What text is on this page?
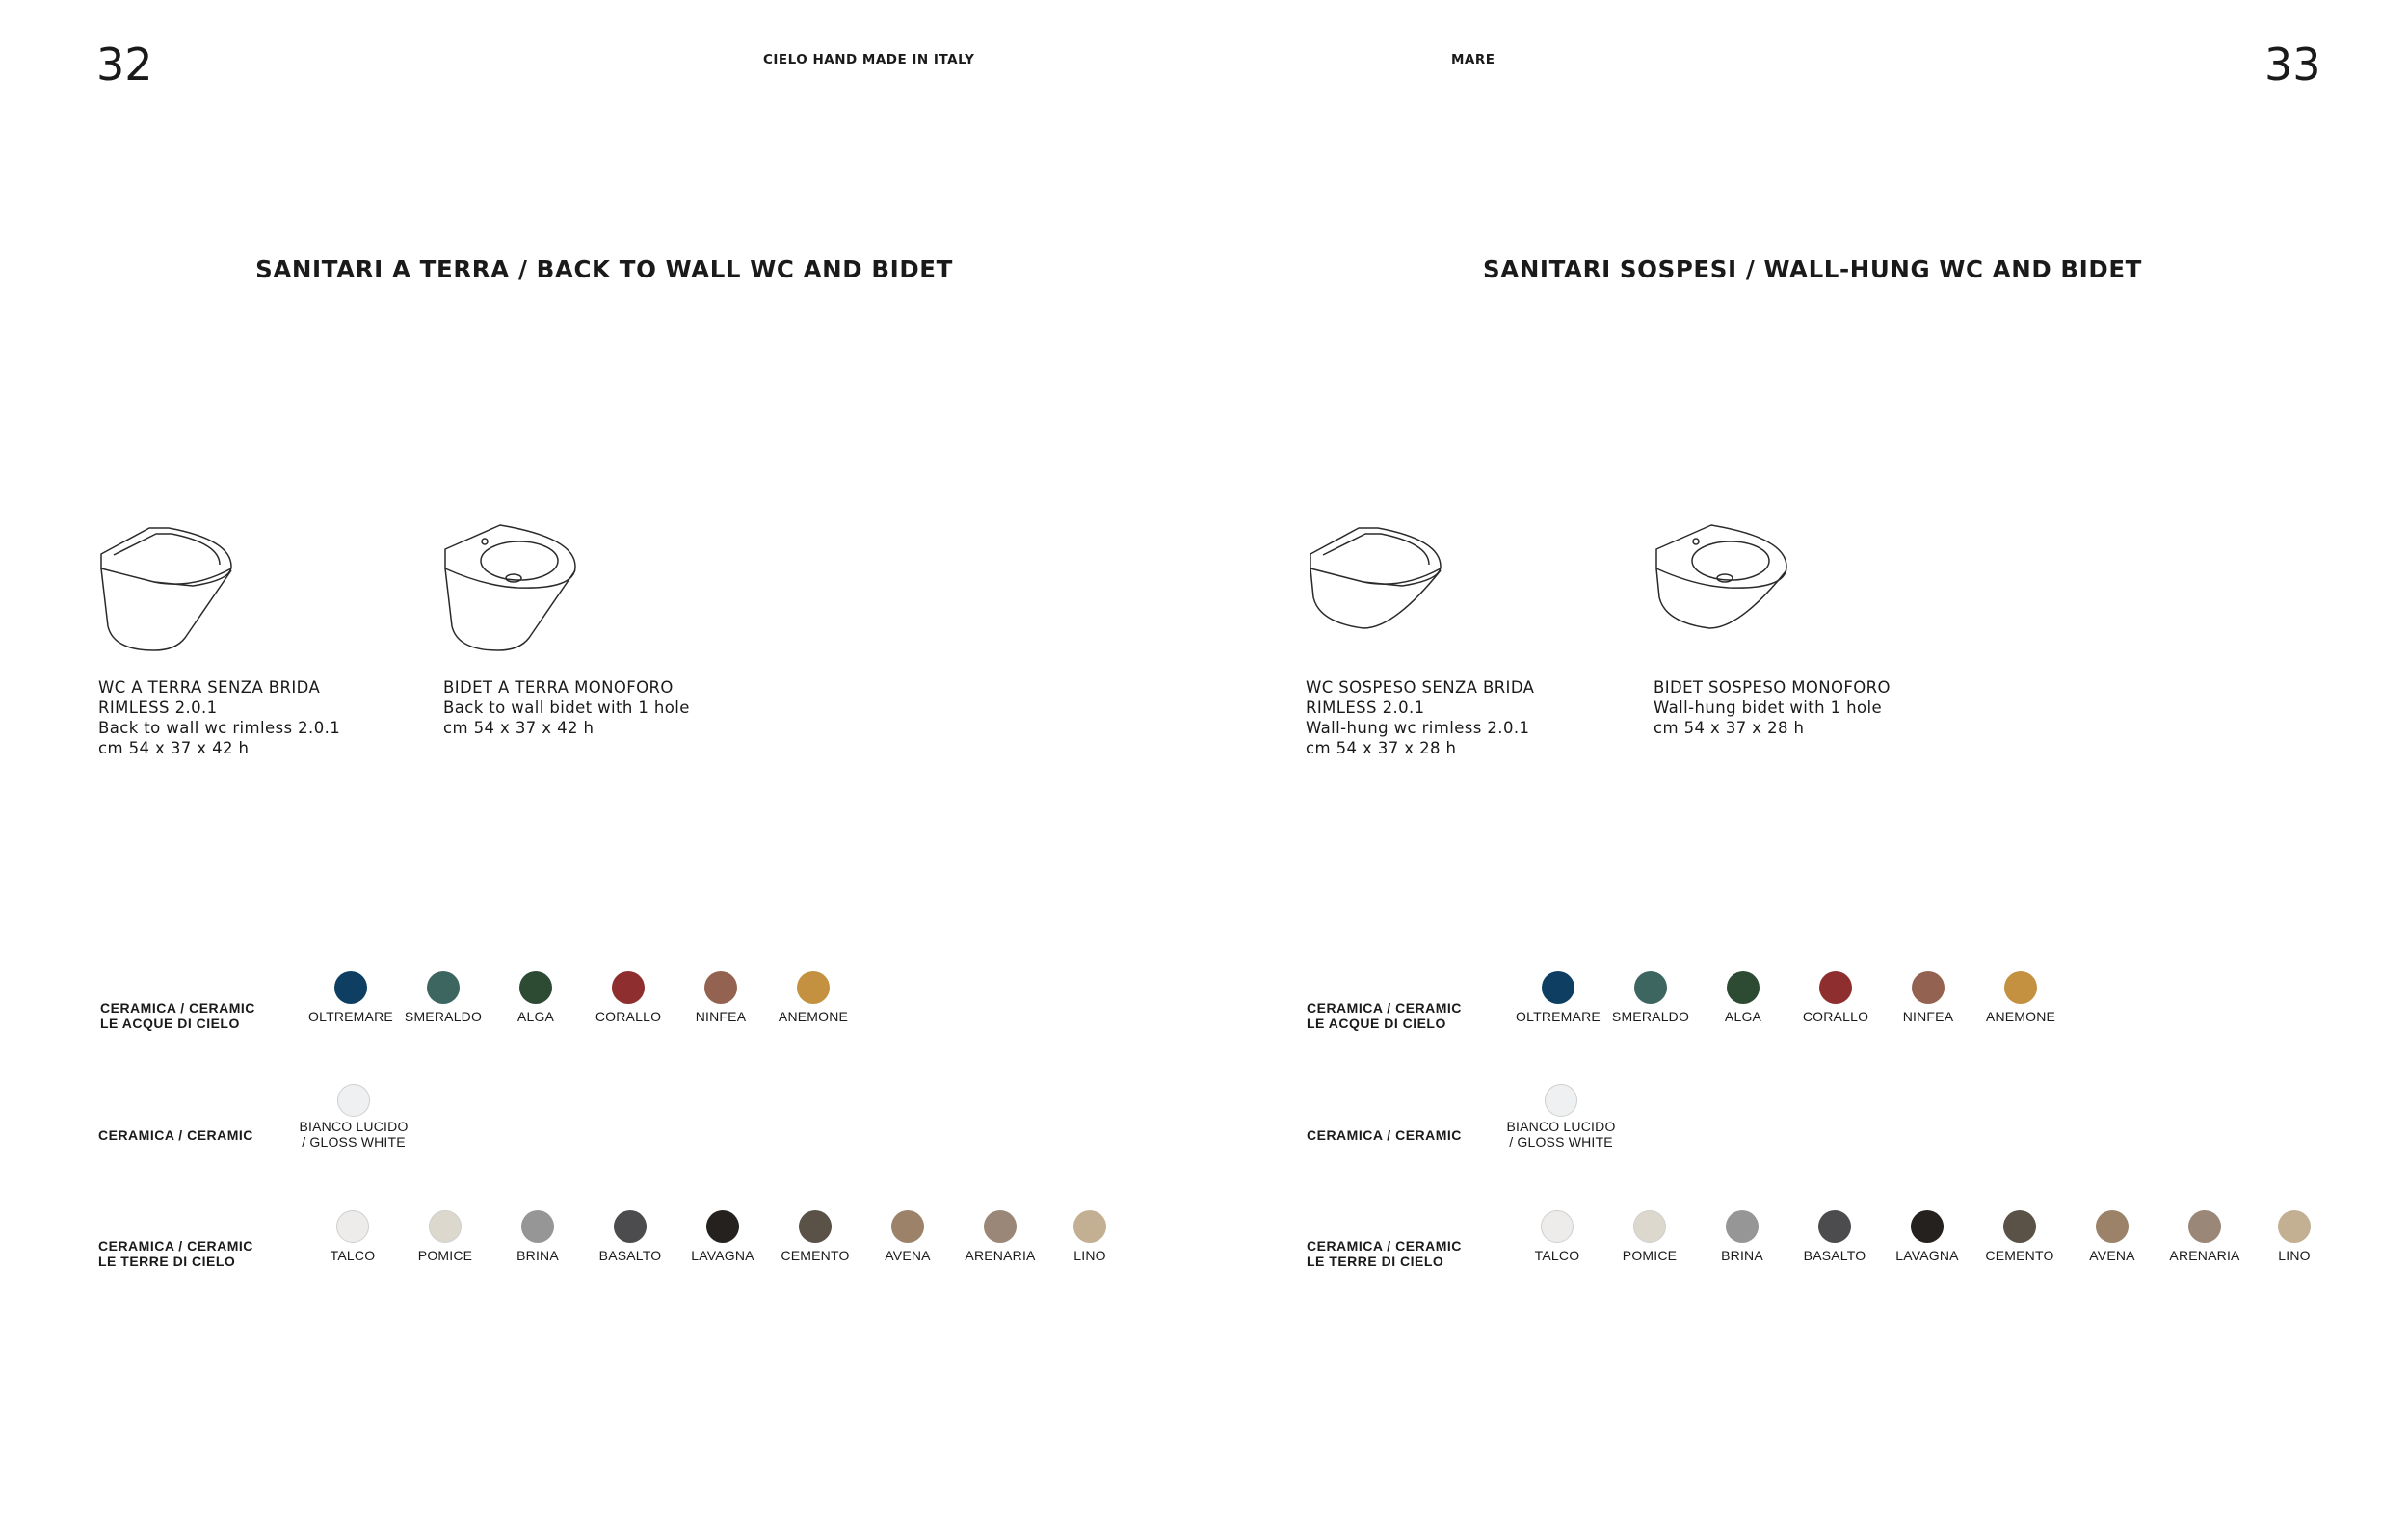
32	33
CIELO HAND MADE IN ITALY	MARE
SANITARI A TERRA / BACK TO WALL WC AND BIDET	SANITARI SOSPESI / WALL-HUNG WC AND BIDET
WC A TERRA SENZA BRIDA
RIMLESS 2.0.1
Back to wall wc rimless 2.0.1
cm 54 x 37 x 42 h
BIDET A TERRA MONOFORO
Back to wall bidet with 1 hole
cm 54 x 37 x 42 h
WC SOSPESO SENZA BRIDA
RIMLESS 2.0.1
Wall-hung wc rimless 2.0.1
cm 54 x 37 x 28 h
BIDET SOSPESO MONOFORO
Wall-hung bidet with 1 hole
cm 54 x 37 x 28 h
CERAMICA / CERAMIC
LE ACQUE DI CIELO
CERAMICA / CERAMIC
CERAMICA / CERAMIC
LE TERRE DI CIELO
OLTREMARE SMERALDO	ALGA	CORALLO	NINFEA ANEMONE
BIANCO LUCIDO
/ GLOSS WHITE
TALCO	POMICE	BRINA	BASALTO LAVAGNA CEMENTO	AVENA	ARENARIA	LINO
CERAMICA / CERAMIC
LE ACQUE DI CIELO
CERAMICA / CERAMIC
CERAMICA / CERAMIC
LE TERRE DI CIELO
OLTREMARE SMERALDO	ALGA	CORALLO	NINFEA ANEMONE
BIANCO LUCIDO
/ GLOSS WHITE
TALCO	POMICE	BRINA	BASALTO LAVAGNA CEMENTO	AVENA	ARENARIA	LINO
